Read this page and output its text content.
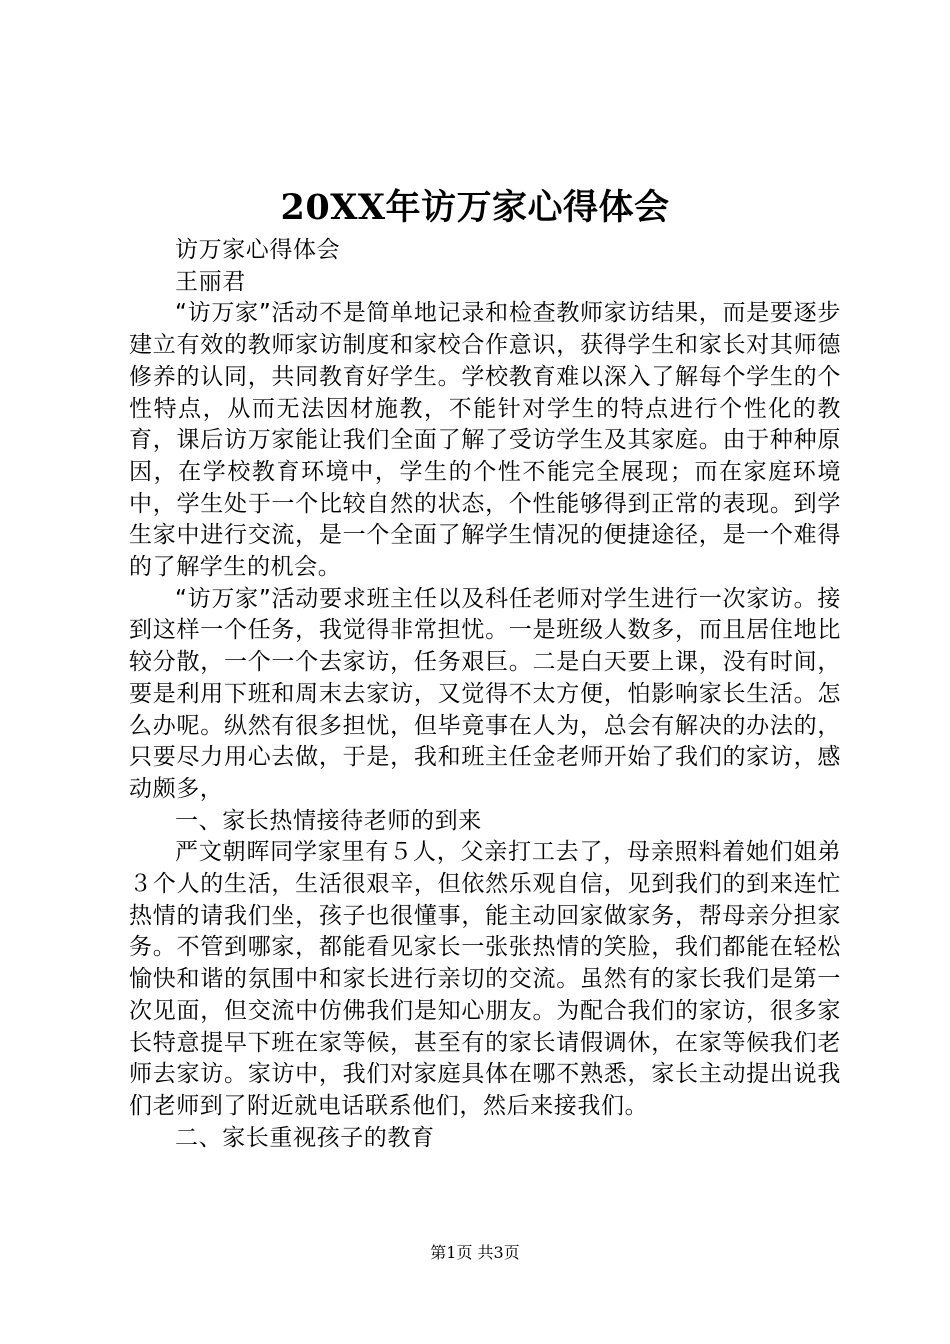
20XX年访万家心得体会

访万家心得体会

王丽君

“访万家”活动不是简单地记录和检查教师家访结果，而是要逐步建立有效的教师家访制度和家校合作意识，获得学生和家长对其师德修养的认同，共同教育好学生。学校教育难以深入了解每个学生的个性特点，从而无法因材施教，不能针对学生的特点进行个性化的教育，课后访万家能让我们全面了解了受访学生及其家庭。由于种种原因，在学校教育环境中，学生的个性不能完全展现；而在家庭环境中，学生处于一个比较自然的状态，个性能够得到正常的表现。到学生家中进行交流，是一个全面了解学生情况的便捷途径，是一个难得的了解学生的机会。

“访万家”活动要求班主任以及科任老师对学生进行一次家访。接到这样一个任务，我觉得非常担忧。一是班级人数多，而且居住地比较分散，一个一个去家访，任务艰巨。二是白天要上课，没有时间，要是利用下班和周末去家访，又觉得不太方便，怕影响家长生活。怎么办呢。纵然有很多担忧，但毕竟事在人为，总会有解决的办法的，只要尽力用心去做，于是，我和班主任金老师开始了我们的家访，感动颇多，

一、家长热情接待老师的到来

严文朝晖同学家里有５人，父亲打工去了，母亲照料着她们姐弟３个人的生活，生活很艰辛，但依然乐观自信，见到我们的到来连忙热情的请我们坐，孩子也很懂事，能主动回家做家务，帮母亲分担家务。不管到哪家，都能看见家长一张张热情的笑脸，我们都能在轻松愉快和谐的氛围中和家长进行亲切的交流。虽然有的家长我们是第一次见面，但交流中仿佛我们是知心朋友。为配合我们的家访，很多家长特意提早下班在家等候，甚至有的家长请假调休，在家等候我们老师去家访。家访中，我们对家庭具体在哪不熟悉，家长主动提出说我们老师到了附近就电话联系他们，然后来接我们。

二、家长重视孩子的教育

第1页 共3页
